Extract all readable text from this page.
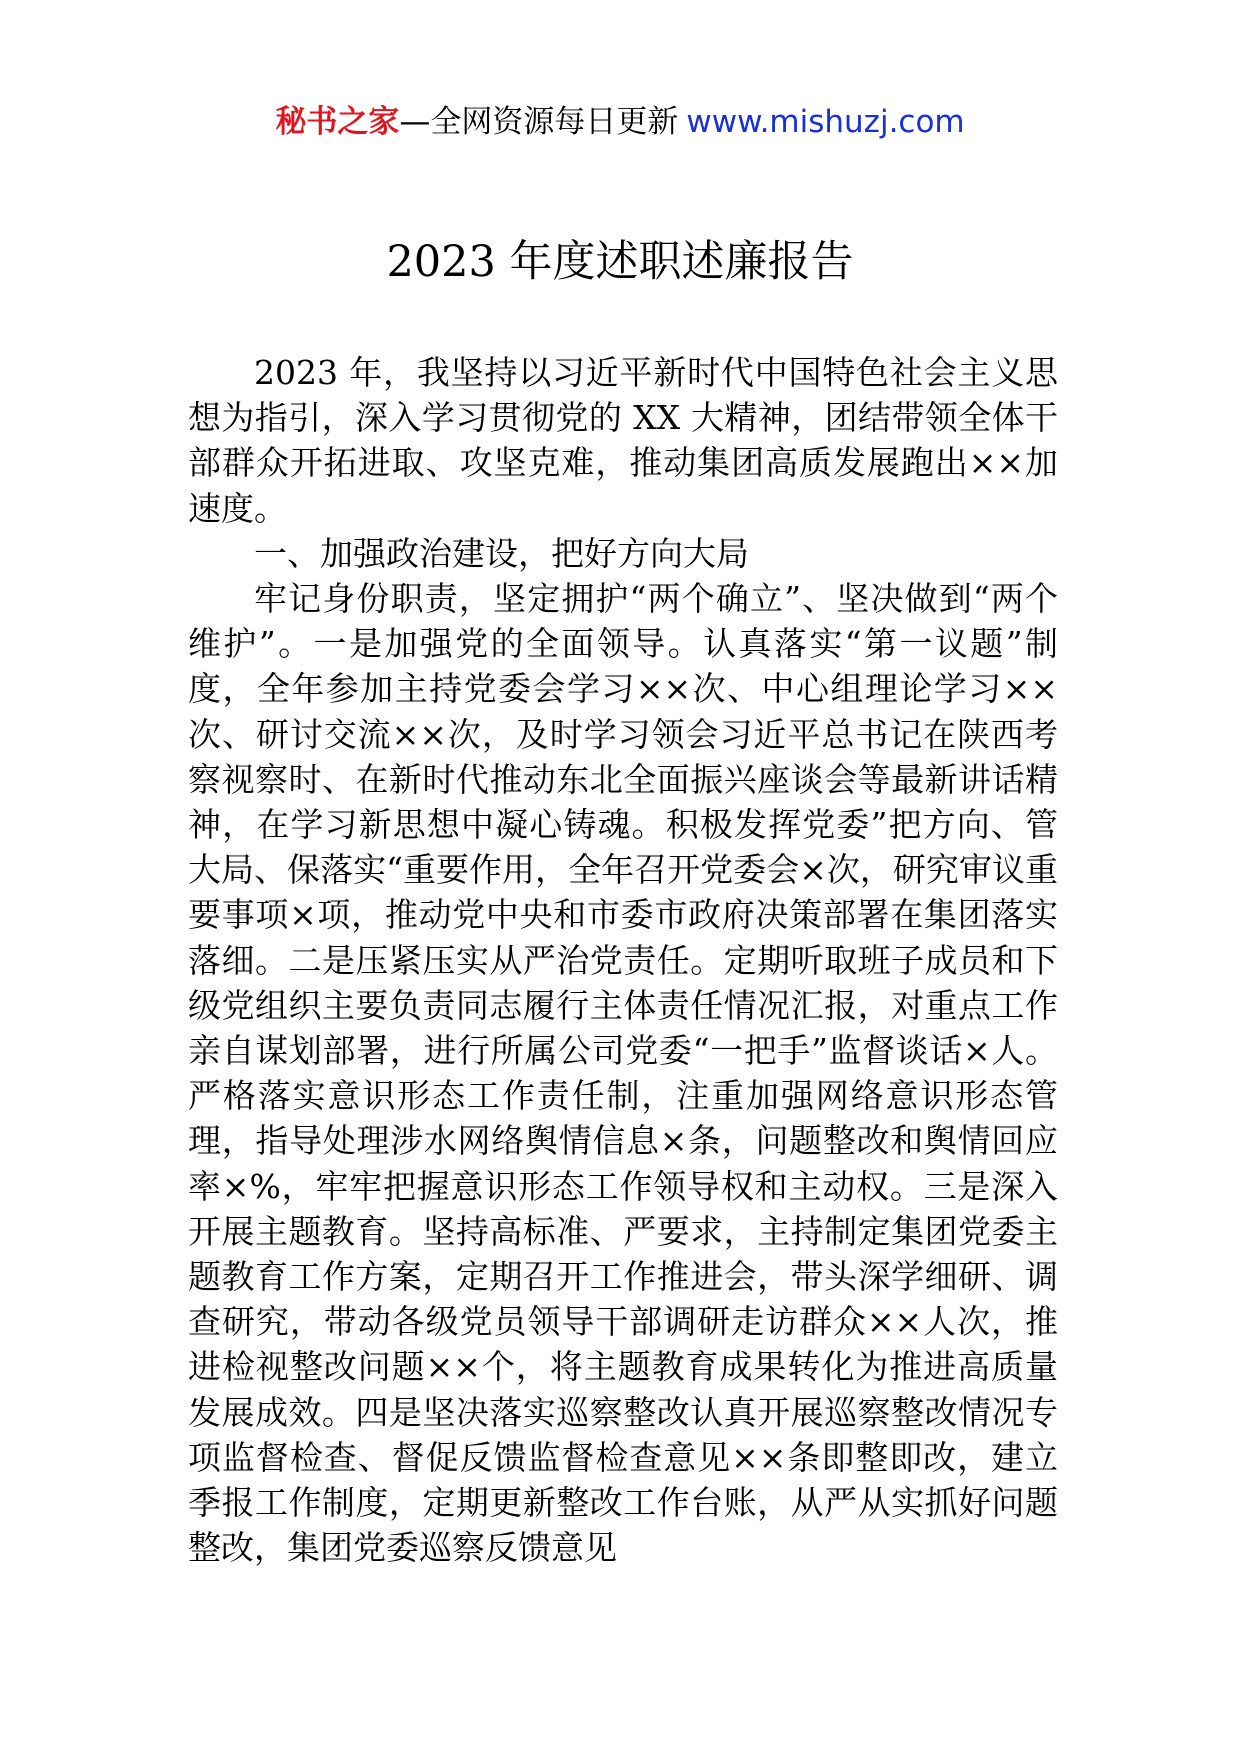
秘书之家—全网资源每日更新 www.mishuzj.com
2023 年度述职述廉报告

2023 年，我坚持以习近平新时代中国特色社会主义思想为指引，深入学习贯彻党的 XX 大精神，团结带领全体干部群众开拓进取、攻坚克难，推动集团高质发展跑出××加速度。

一、加强政治建设，把好方向大局

牢记身份职责，坚定拥护“两个确立”、坚决做到“两个维护”。一是加强党的全面领导。认真落实“第一议题”制度，全年参加主持党委会学习××次、中心组理论学习××次、研讨交流××次，及时学习领会习近平总书记在陕西考察视察时、在新时代推动东北全面振兴座谈会等最新讲话精神，在学习新思想中凝心铸魂。积极发挥党委”把方向、管大局、保落实“重要作用，全年召开党委会×次，研究审议重要事项×项，推动党中央和市委市政府决策部署在集团落实落细。二是压紧压实从严治党责任。定期听取班子成员和下级党组织主要负责同志履行主体责任情况汇报，对重点工作亲自谋划部署，进行所属公司党委“一把手”监督谈话×人。严格落实意识形态工作责任制，注重加强网络意识形态管理，指导处理涉水网络舆情信息×条，问题整改和舆情回应率×%，牢牢把握意识形态工作领导权和主动权。三是深入开展主题教育。坚持高标准、严要求，主持制定集团党委主题教育工作方案，定期召开工作推进会，带头深学细研、调查研究，带动各级党员领导干部调研走访群众××人次，推进检视整改问题××个，将主题教育成果转化为推进高质量发展成效。四是坚决落实巡察整改认真开展巡察整改情况专项监督检查、督促反馈监督检查意见××条即整即改，建立季报工作制度，定期更新整改工作台账，从严从实抓好问题整改，集团党委巡察反馈意见
